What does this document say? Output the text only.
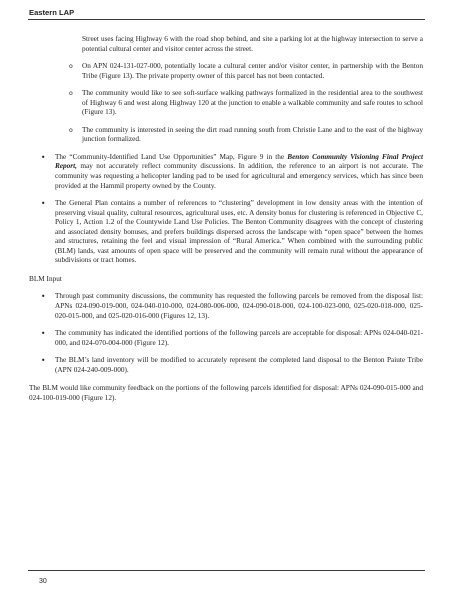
Eastern LAP

Street uses facing Highway 6 with the road shop behind, and site a parking lot at the highway intersection to serve a potential cultural center and visitor center across the street.

o On APN 024-131-027-000, potentially locate a cultural center and/or visitor center, in partnership with the Benton Tribe (Figure 13). The private property owner of this parcel has not been contacted.
o The community would like to see soft-surface walking pathways formalized in the residential area to the southwest of Highway 6 and west along Highway 120 at the junction to enable a walkable community and safe routes to school (Figure 13).
o The community is interested in seeing the dirt road running south from Christie Lane and to the east of the highway junction formalized.
• The “Community-Identified Land Use Opportunities” Map, Figure 9 in the Benton Community Visioning Final Project Report, may not accurately reflect community discussions. In addition, the reference to an airport is not accurate. The community was requesting a helicopter landing pad to be used for agricultural and emergency services, which has since been provided at the Hammil property owned by the County.
• The General Plan contains a number of references to “clustering” development in low density areas with the intention of preserving visual quality, cultural resources, agricultural uses, etc. A density bonus for clustering is referenced in Objective C, Policy 1, Action 1.2 of the Countywide Land Use Policies. The Benton Community disagrees with the concept of clustering and associated density bonuses, and prefers buildings dispersed across the landscape with “open space” between the homes and structures, retaining the feel and visual impression of “Rural America.” When combined with the surrounding public (BLM) lands, vast amounts of open space will be preserved and the community will remain rural without the appearance of subdivisions or tract homes.

BLM Input

• Through past community discussions, the community has requested the following parcels be removed from the disposal list: APNs 024-090-019-000, 024-040-010-000, 024-080-006-000, 024-090-018-000, 024-100-023-000, 025-020-018-000, 025-020-015-000, and 025-020-016-000 (Figures 12, 13).
• The community has indicated the identified portions of the following parcels are acceptable for disposal: APNs 024-040-021-000, and 024-070-004-000 (Figure 12).
• The BLM’s land inventory will be modified to accurately represent the completed land disposal to the Benton Paiute Tribe (APN 024-240-009-000).

The BLM would like community feedback on the portions of the following parcels identified for disposal: APNs 024-090-015-000 and 024-100-019-000 (Figure 12).

30
